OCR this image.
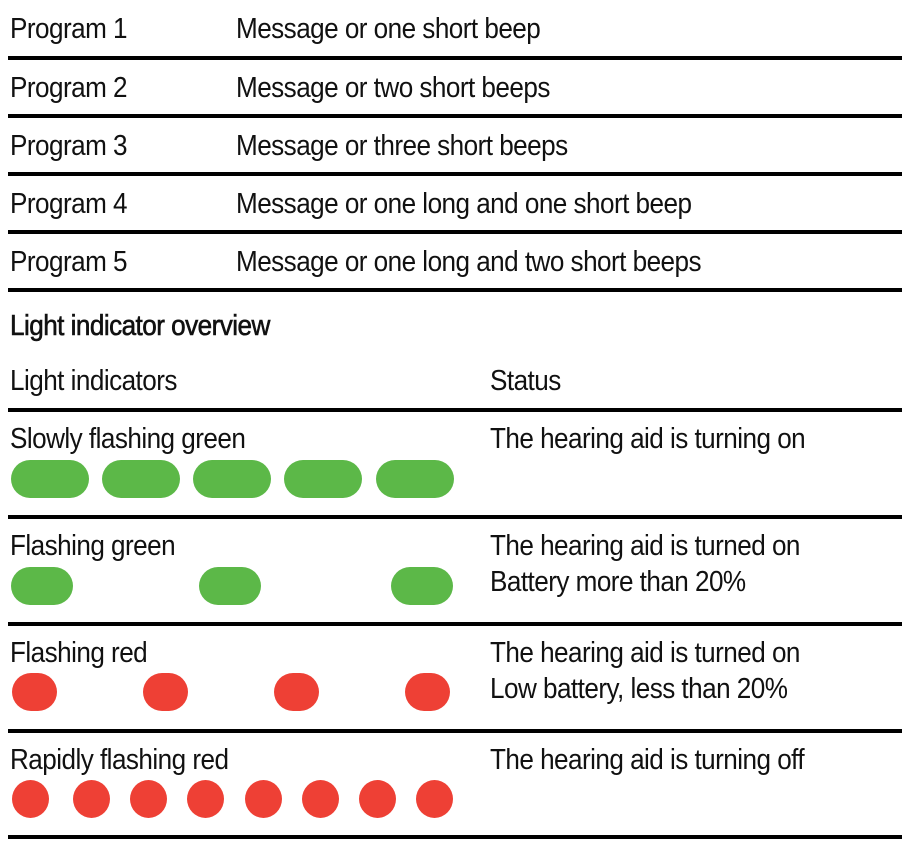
Program 1	Message or one short beep
Program 2	Message or two short beeps
Program 3	Message or three short beeps
Program 4	Message or one long and one short beep
Program 5	Message or one long and two short beeps
Light indicator overview
Light indicators	Status
Slowly flashing green	The hearing aid is turning on
Flashing green	The hearing aid is turned on
Battery more than 20%
Flashing red	The hearing aid is turned on
Low battery, less than 20%
Rapidly flashing red	The hearing aid is turning off
